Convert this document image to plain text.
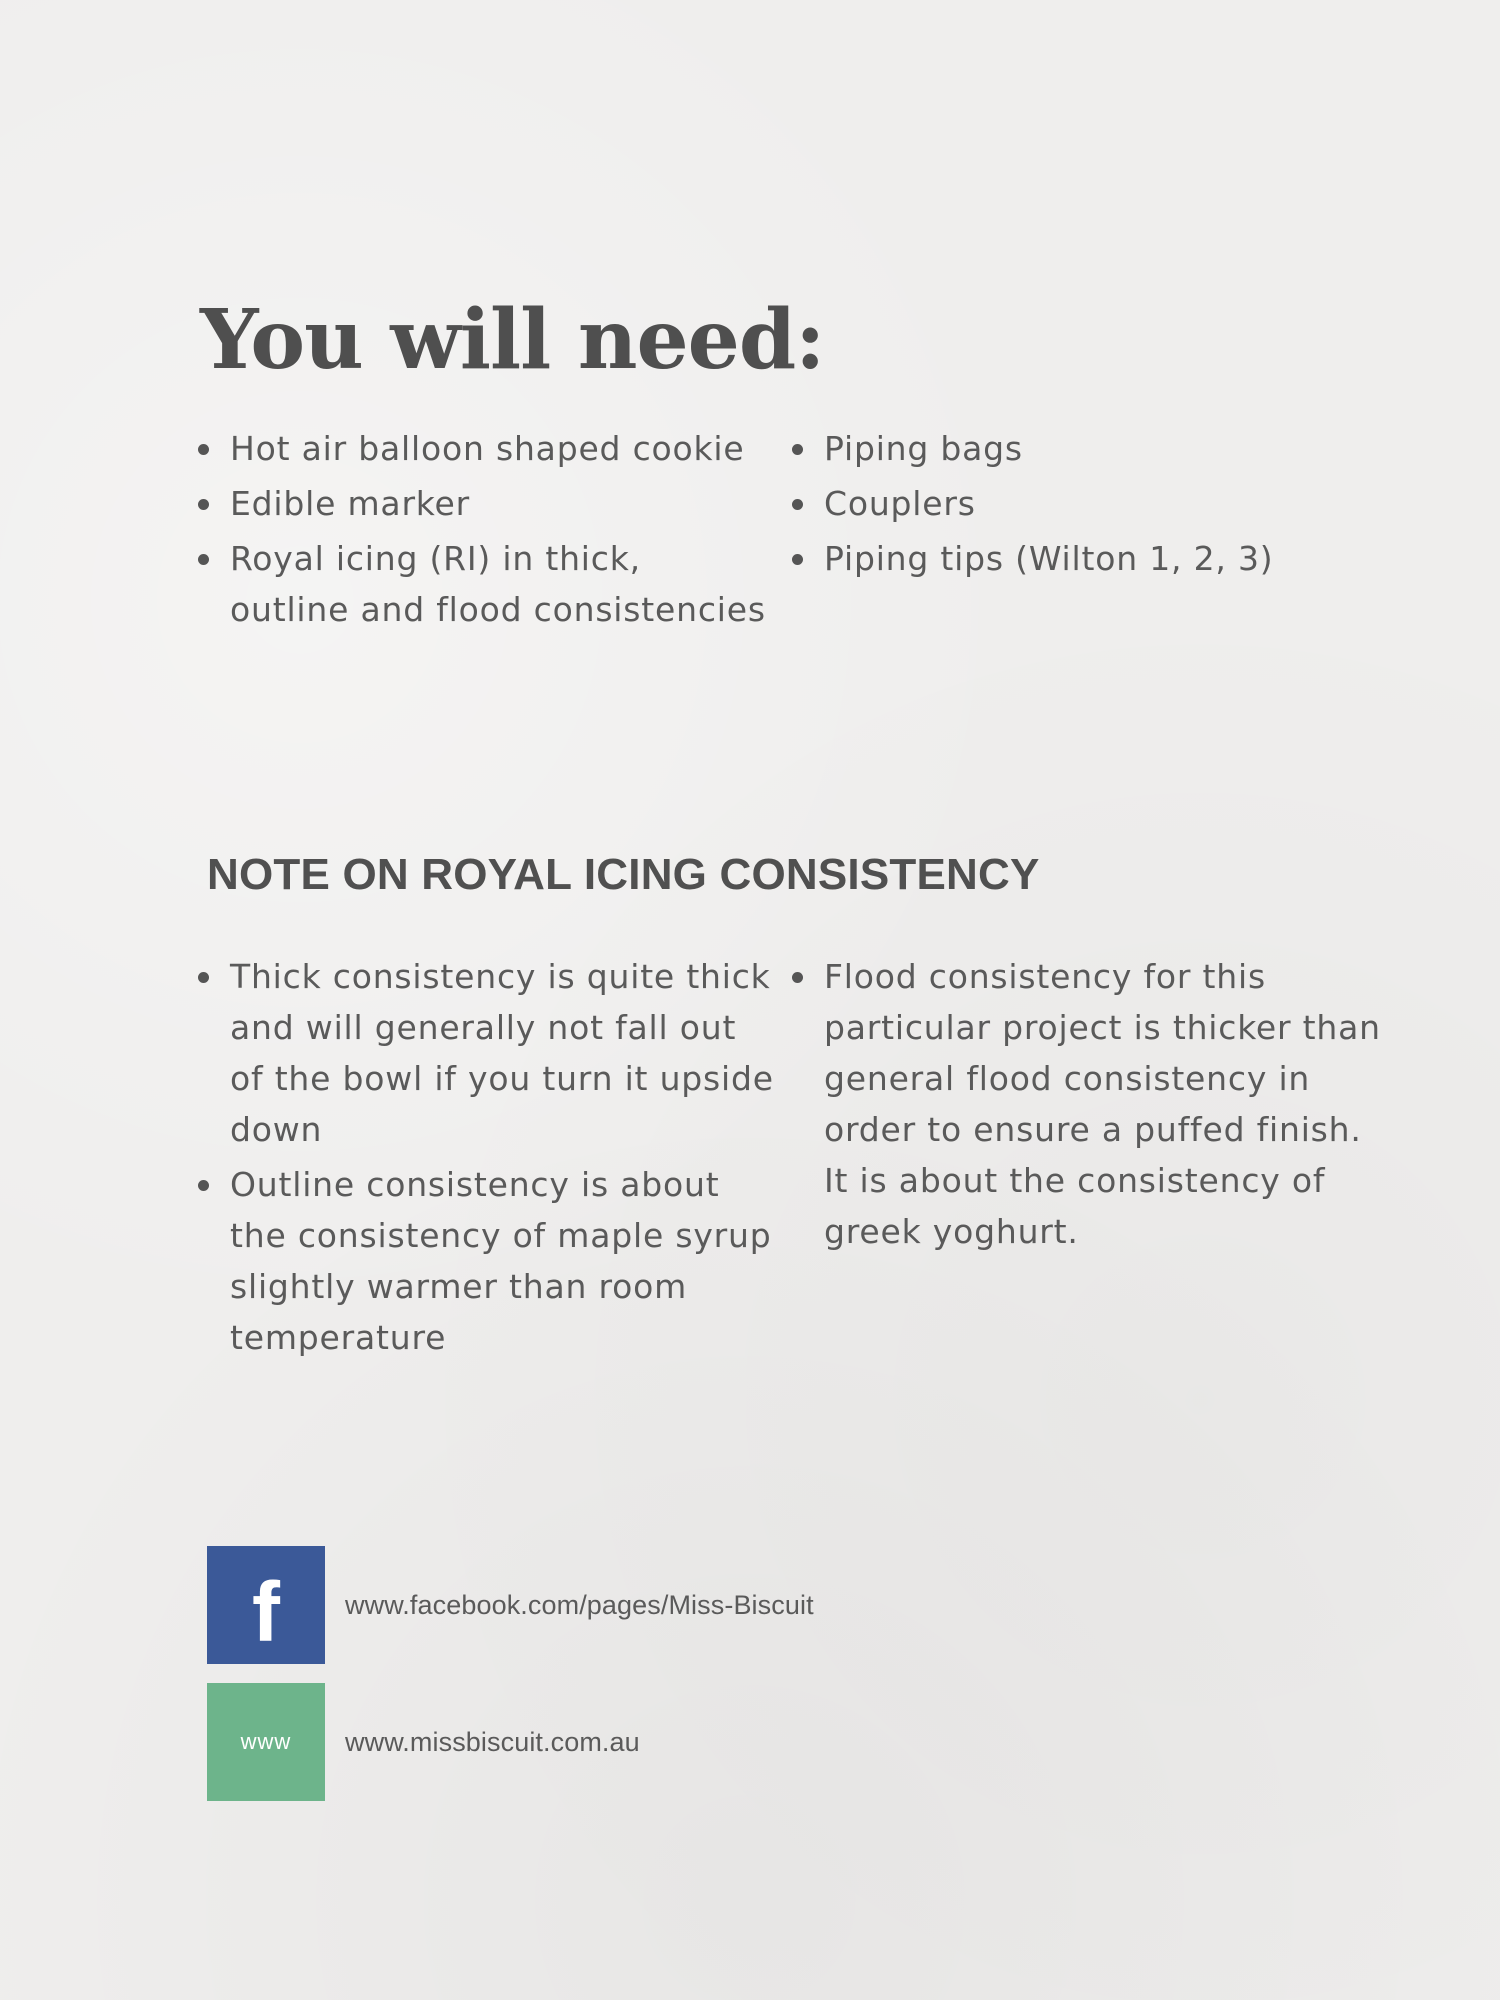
You will need:
Hot air balloon shaped cookie
Edible marker
Royal icing (RI) in thick, outline and flood consistencies
Piping bags
Couplers
Piping tips (Wilton 1, 2, 3)
NOTE ON ROYAL ICING CONSISTENCY
Thick consistency is quite thick and will generally not fall out of the bowl if you turn it upside down
Outline consistency is about the consistency of maple syrup slightly warmer than room temperature
Flood consistency for this particular project is thicker than general flood consistency in order to ensure a puffed finish. It is about the consistency of greek yoghurt.
f www.facebook.com/pages/Miss-Biscuit
www www.missbiscuit.com.au
